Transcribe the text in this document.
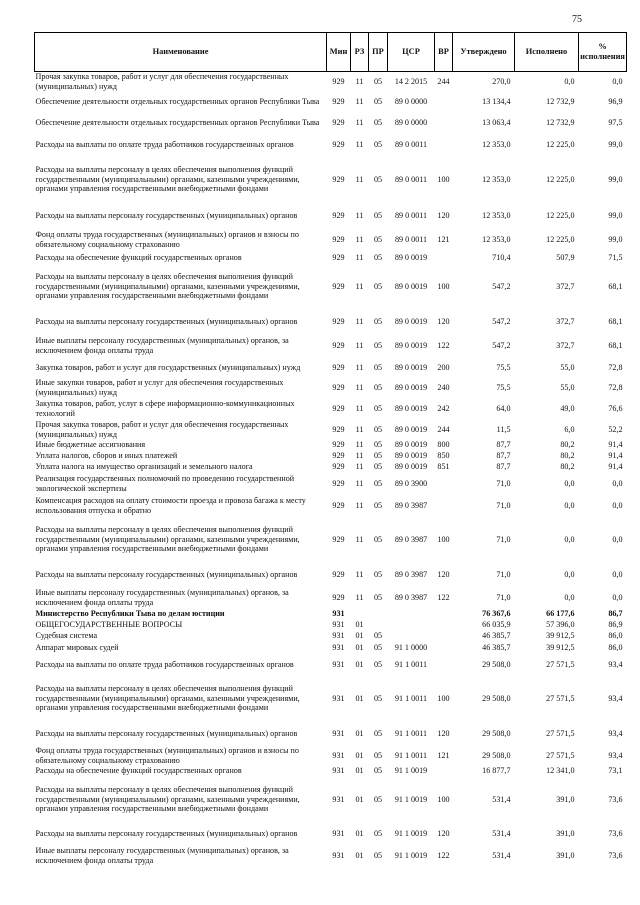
75
Наименование	Мин	РЗ	ПР	ЦСР	ВР	Утверждено	Исполнено	% исполнения
Прочая закупка товаров, работ и услуг для обеспечения государственных (муниципальных) нужд	929	11	05	14 2 2015	244	270,0	0,0	0,0
Обеспечение деятельности отдельных государственных органов Республики Тыва	929	11	05	89 0 0000		13 134,4	12 732,9	96,9
Обеспечение деятельности отдельных государственных органов Республики Тыва	929	11	05	89 0 0000		13 063,4	12 732,9	97,5
Расходы на выплаты по оплате труда работников государственных органов	929	11	05	89 0 0011		12 353,0	12 225,0	99,0
Расходы на выплаты персоналу в целях обеспечения выполнения функций государственными (муниципальными) органами, казенными учреждениями, органами управления государственными внебюджетными фондами	929	11	05	89 0 0011	100	12 353,0	12 225,0	99,0
Расходы на выплаты персоналу государственных (муниципальных) органов	929	11	05	89 0 0011	120	12 353,0	12 225,0	99,0
Фонд оплаты труда государственных (муниципальных) органов и взносы по обязательному социальному страхованию	929	11	05	89 0 0011	121	12 353,0	12 225,0	99,0
Расходы на обеспечение функций государственных органов	929	11	05	89 0 0019		710,4	507,9	71,5
Расходы на выплаты персоналу в целях обеспечения выполнения функций государственными (муниципальными) органами, казенными учреждениями, органами управления государственными внебюджетными фондами	929	11	05	89 0 0019	100	547,2	372,7	68,1
Расходы на выплаты персоналу государственных (муниципальных) органов	929	11	05	89 0 0019	120	547,2	372,7	68,1
Иные выплаты персоналу государственных (муниципальных) органов, за исключением фонда оплаты труда	929	11	05	89 0 0019	122	547,2	372,7	68,1
Закупка товаров, работ и услуг для государственных (муниципальных) нужд	929	11	05	89 0 0019	200	75,5	55,0	72,8
Иные закупки товаров, работ и услуг для обеспечения государственных (муниципальных) нужд	929	11	05	89 0 0019	240	75,5	55,0	72,8
Закупка товаров, работ, услуг в сфере информационно-коммуникационных технологий	929	11	05	89 0 0019	242	64,0	49,0	76,6
Прочая закупка товаров, работ и услуг для обеспечения государственных (муниципальных) нужд	929	11	05	89 0 0019	244	11,5	6,0	52,2
Иные бюджетные ассигнования	929	11	05	89 0 0019	800	87,7	80,2	91,4
Уплата налогов, сборов и иных платежей	929	11	05	89 0 0019	850	87,7	80,2	91,4
Уплата налога на имущество организаций и земельного налога	929	11	05	89 0 0019	851	87,7	80,2	91,4
Реализация государственных полномочий по проведению государственной экологической экспертизы	929	11	05	89 0 3900		71,0	0,0	0,0
Компенсация расходов на оплату стоимости проезда и провоза багажа к месту использования отпуска и обратно	929	11	05	89 0 3987		71,0	0,0	0,0
Расходы на выплаты персоналу в целях обеспечения выполнения функций государственными (муниципальными) органами, казенными учреждениями, органами управления государственными внебюджетными фондами	929	11	05	89 0 3987	100	71,0	0,0	0,0
Расходы на выплаты персоналу государственных (муниципальных) органов	929	11	05	89 0 3987	120	71,0	0,0	0,0
Иные выплаты персоналу государственных (муниципальных) органов, за исключением фонда оплаты труда	929	11	05	89 0 3987	122	71,0	0,0	0,0
Министерство Республики Тыва по делам юстиции	931					76 367,6	66 177,6	86,7
ОБЩЕГОСУДАРСТВЕННЫЕ ВОПРОСЫ	931	01				66 035,9	57 396,0	86,9
Судебная система	931	01	05			46 385,7	39 912,5	86,0
Аппарат мировых судей	931	01	05	91 1 0000		46 385,7	39 912,5	86,0
Расходы на выплаты по оплате труда работников государственных органов	931	01	05	91 1 0011		29 508,0	27 571,5	93,4
Расходы на выплаты персоналу в целях обеспечения выполнения функций государственными (муниципальными) органами, казенными учреждениями, органами управления государственными внебюджетными фондами	931	01	05	91 1 0011	100	29 508,0	27 571,5	93,4
Расходы на выплаты персоналу государственных (муниципальных) органов	931	01	05	91 1 0011	120	29 508,0	27 571,5	93,4
Фонд оплаты труда государственных (муниципальных) органов и взносы по обязательному социальному страхованию	931	01	05	91 1 0011	121	29 508,0	27 571,5	93,4
Расходы на обеспечение функций государственных органов	931	01	05	91 1 0019		16 877,7	12 341,0	73,1
Расходы на выплаты персоналу в целях обеспечения выполнения функций государственными (муниципальными) органами, казенными учреждениями, органами управления государственными внебюджетными фондами	931	01	05	91 1 0019	100	531,4	391,0	73,6
Расходы на выплаты персоналу государственных (муниципальных) органов	931	01	05	91 1 0019	120	531,4	391,0	73,6
Иные выплаты персоналу государственных (муниципальных) органов, за исключением фонда оплаты труда	931	01	05	91 1 0019	122	531,4	391,0	73,6
